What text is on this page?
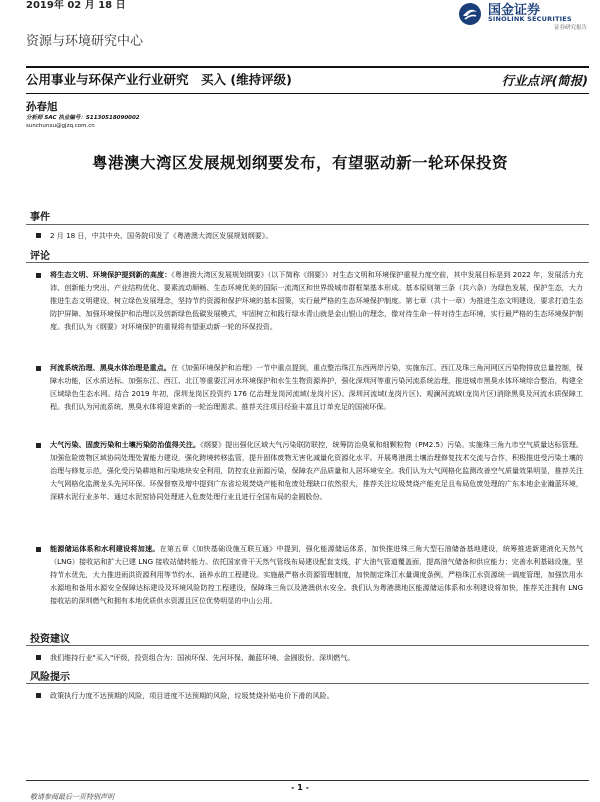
2019年 02 月 18 日	国金证券
SINOLINK SECURITIES
证券研究报告
资源与环境研究中心
公用事业与环保产业行业研究　买入 (维持评级)	行业点评(简报)
孙春旭
分析师 SAC 执业编号：S1130518090002
sunchunxu@gjzq.com.cn
粤港澳大湾区发展规划纲要发布，有望驱动新一轮环保投资
事件
2 月 18 日，中共中央、国务院印发了《粤港澳大湾区发展规划纲要》。
评论
将生态文明、环境保护提到新的高度：《粤港澳大湾区发展规划纲要》（以下简称《纲要》）对生态文明和环境保护重视力度空前，其中发展目标是到 2022 年，发展活力充沛、创新能力突出、产业结构优化、要素流动顺畅、生态环境优美的国际一流湾区和世界级城市群框架基本形成。基本原则第三条（共六条）为绿色发展，保护生态，大力推进生态文明建设，树立绿色发展理念，坚持节约资源和保护环境的基本国策，实行最严格的生态环境保护制度。第七章（共十一章）为推进生态文明建设，要求打造生态防护屏障、加强环境保护和治理以及创新绿色低碳发展模式，牢固树立和践行绿水青山就是金山银山的理念，像对待生命一样对待生态环境，实行最严格的生态环境保护制度。我们认为《纲要》对环境保护的重视将有望驱动新一轮的环保投资。
河流系统治理、黑臭水体治理是重点。在《加强环境保护和治理》一节中重点提到，重点整治珠江东西两岸污染，实施东江、西江及珠三角河网区污染物排放总量控制，保障水功能，区水质达标。加强东江、西江、北江等重要江河水环境保护和水生生物资源养护，强化深圳河等重污染河流系统治理，推进城市黑臭水体环境综合整治，构建全区域绿色生态水网。结合 2019 年初，深圳龙岗区投资约 176 亿治理龙岗河流域(龙岗片区)、深圳河流域(龙岗片区)、观澜河流域(龙岗片区)消除黑臭及河流水质保障工程。我们认为河流系统、黑臭水体将迎来新的一轮治理需求。推荐关注项目经验丰富且订单充足的国祯环保。
大气污染、固废污染和土壤污染防治值得关注。《纲要》提出强化区域大气污染联防联控，统筹防治臭氧和细颗粒物（PM2.5）污染。实施珠三角九市空气质量达标管理。加强危险废物区域协同处理处置能力建设，强化跨境转移监管，提升固体废物无害化减量化资源化水平。开展粤港澳土壤治理修复技术交流与合作，积极推进受污染土壤的治理与修复示范，强化受污染耕地和污染地块安全利用，防控农业面源污染，保障农产品质量和人居环境安全。我们认为大气网格化监测改善空气质量效果明显，推荐关注大气网格化监测龙头先河环保。环保督察及增中提到广东省垃圾焚烧产能和危废处理缺口依然很大，推荐关注垃圾焚烧产能充足且布局危废处理的广东本地企业瀚蓝环境，深耕水泥行业多年、通过水泥窑协同处理进入危废处理行业且进行全国布局的金圆股份。
能源储运体系和水利建设将加速。在第五章《加快基础设施互联互通》中提到，强化能源储运体系，加快推进珠三角大型石油储备基地建设，统筹推进新建液化天然气（LNG）接收站和扩大已建 LNG 接收站储转能力。依托国家骨干天然气管线布局建设配套支线，扩大油气管道覆盖面，提高油气储备和供应能力；完善水利基础设施，坚持节水优先，大力推进雨洪资源利用等节约水、涵养水的工程建设。实施最严格水资源管理制度，加快制定珠江水量调度条例，严格珠江水资源统一调度管理，加强饮用水水源地和备用水源安全保障达标建设及环境风险防控工程建设，保障珠三角以及港澳供水安全。我们认为粤港澳地区能源储运体系和水利建设将加快，推荐关注拥有 LNG 接收站的深圳燃气和拥有本地优质供水资源且区位优势明显的中山公用。
投资建议
我们维持行业"买入"评级，投资组合为：国祯环保、先河环保、瀚蓝环境、金圆股份、深圳燃气。
风险提示
政策执行力度不达预期的风险，项目进度不达预期的风险，垃圾焚烧补贴电价下滑的风险。
- 1 -
敬请参阅最后一页特别声明
